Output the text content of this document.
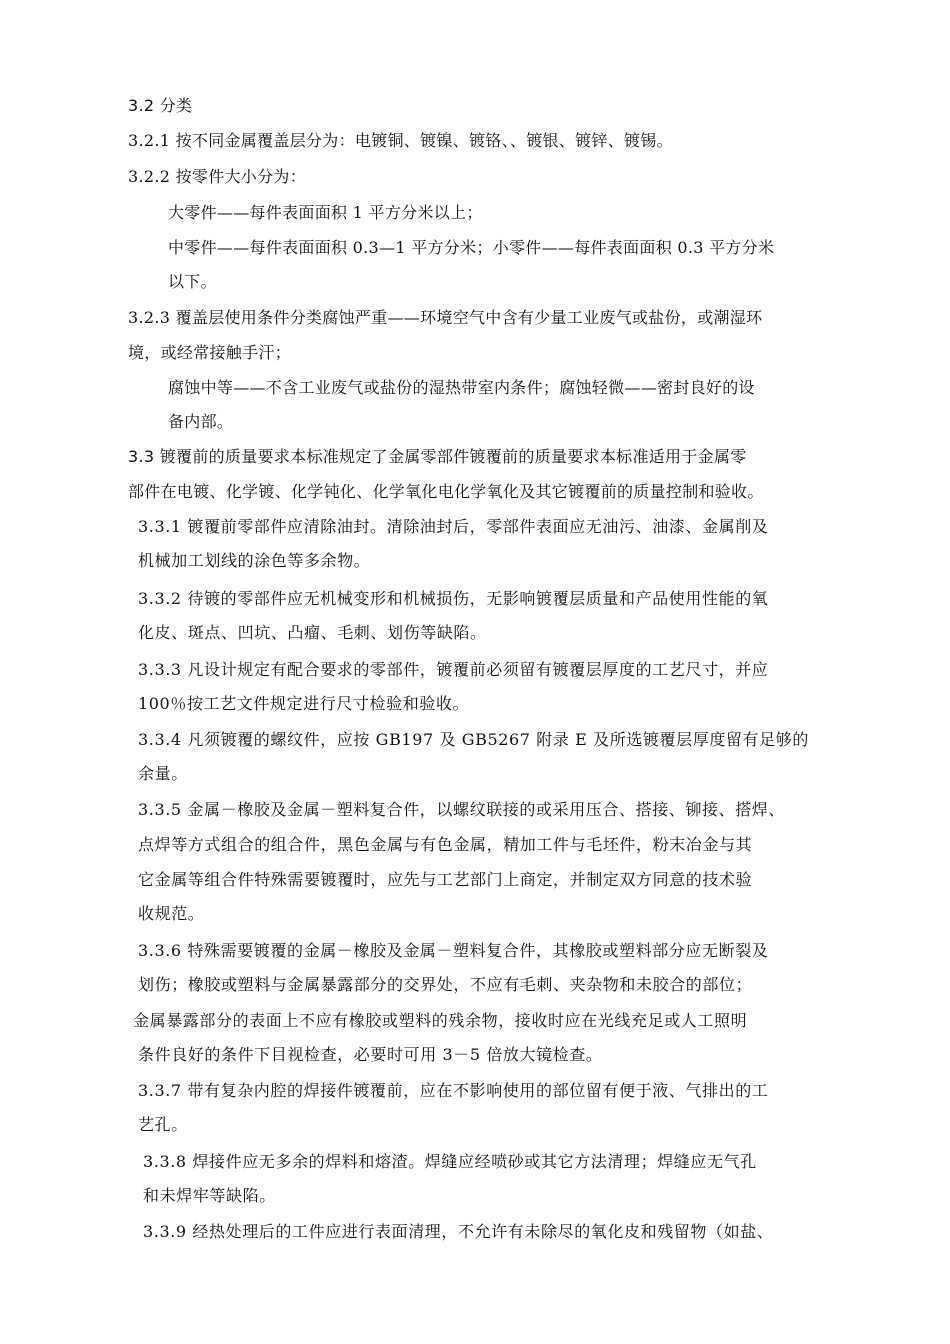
3.2 分类
3.2.1 按不同金属覆盖层分为：电镀铜、镀镍、镀铬、、镀银、镀锌、镀锡。
3.2.2 按零件大小分为：
大零件——每件表面面积 1 平方分米以上；
中零件——每件表面面积 0.3—1 平方分米；小零件——每件表面面积 0.3 平方分米
以下。
3.2.3 覆盖层使用条件分类腐蚀严重——环境空气中含有少量工业废气或盐份，或潮湿环
境，或经常接触手汗；
腐蚀中等——不含工业废气或盐份的湿热带室内条件；腐蚀轻微——密封良好的设
备内部。
3.3 镀覆前的质量要求本标准规定了金属零部件镀覆前的质量要求本标准适用于金属零
部件在电镀、化学镀、化学钝化、化学氧化电化学氧化及其它镀覆前的质量控制和验收。
3.3.1 镀覆前零部件应清除油封。清除油封后，零部件表面应无油污、油漆、金属削及
机械加工划线的涂色等多余物。
3.3.2 待镀的零部件应无机械变形和机械损伤，无影响镀覆层质量和产品使用性能的氧
化皮、斑点、凹坑、凸瘤、毛刺、划伤等缺陷。
3.3.3 凡设计规定有配合要求的零部件，镀覆前必须留有镀覆层厚度的工艺尺寸，并应
100％按工艺文件规定进行尺寸检验和验收。
3.3.4 凡须镀覆的螺纹件，应按 GB197 及 GB5267 附录 E 及所选镀覆层厚度留有足够的
余量。
3.3.5 金属－橡胶及金属－塑料复合件，以螺纹联接的或采用压合、搭接、铆接、搭焊、
点焊等方式组合的组合件，黑色金属与有色金属，精加工件与毛坯件，粉末冶金与其
它金属等组合件特殊需要镀覆时，应先与工艺部门上商定，并制定双方同意的技术验
收规范。
3.3.6 特殊需要镀覆的金属－橡胶及金属－塑料复合件，其橡胶或塑料部分应无断裂及
划伤；橡胶或塑料与金属暴露部分的交界处，不应有毛刺、夹杂物和未胶合的部位；
金属暴露部分的表面上不应有橡胶或塑料的残余物，接收时应在光线充足或人工照明
条件良好的条件下目视检查，必要时可用 3－5 倍放大镜检查。
3.3.7 带有复杂内腔的焊接件镀覆前，应在不影响使用的部位留有便于液、气排出的工
艺孔。
3.3.8 焊接件应无多余的焊料和熔渣。焊缝应经喷砂或其它方法清理；焊缝应无气孔
和未焊牢等缺陷。
3.3.9 经热处理后的工件应进行表面清理，不允许有未除尽的氧化皮和残留物（如盐、
